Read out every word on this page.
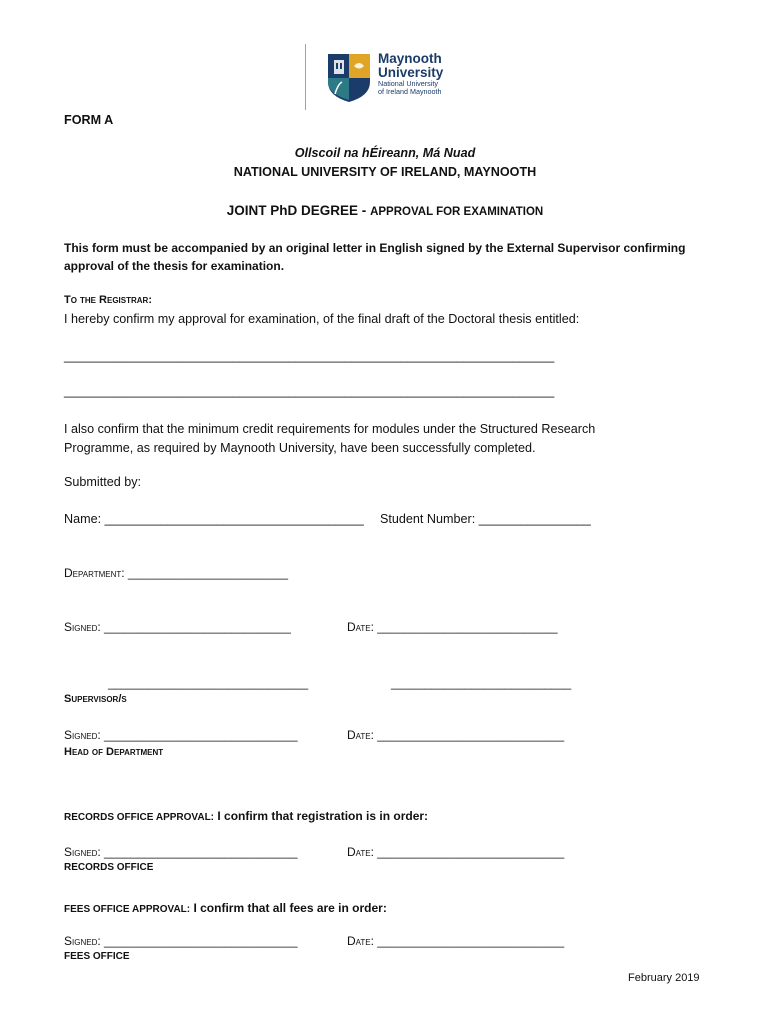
Maynooth
University
National University
of Ireland Maynooth
FORM A
Ollscoil na hÉireann, Má Nuad
NATIONAL UNIVERSITY OF IRELAND, MAYNOOTH
JOINT PhD DEGREE - APPROVAL FOR EXAMINATION
This form must be accompanied by an original letter in English signed by the External Supervisor confirming approval of the thesis for examination.
To the Registrar:
I hereby confirm my approval for examination, of the final draft of the Doctoral thesis entitled:
______________________________________________________________________
______________________________________________________________________
I also confirm that the minimum credit requirements for modules under the Structured Research Programme, as required by Maynooth University, have been successfully completed.
Submitted by:
Name: _____________________________________ Student Number: ________________
Department: ________________________
Signed: ____________________________	Date: ___________________________
______________________________	___________________________
Supervisor/s
Signed: _____________________________	Date: ____________________________
Head of Department
RECORDS OFFICE APPROVAL: I confirm that registration is in order:
Signed: _____________________________	Date: ____________________________
RECORDS OFFICE
FEES OFFICE APPROVAL: I confirm that all fees are in order:
Signed: _____________________________	Date: ____________________________
FEES OFFICE
February 2019
